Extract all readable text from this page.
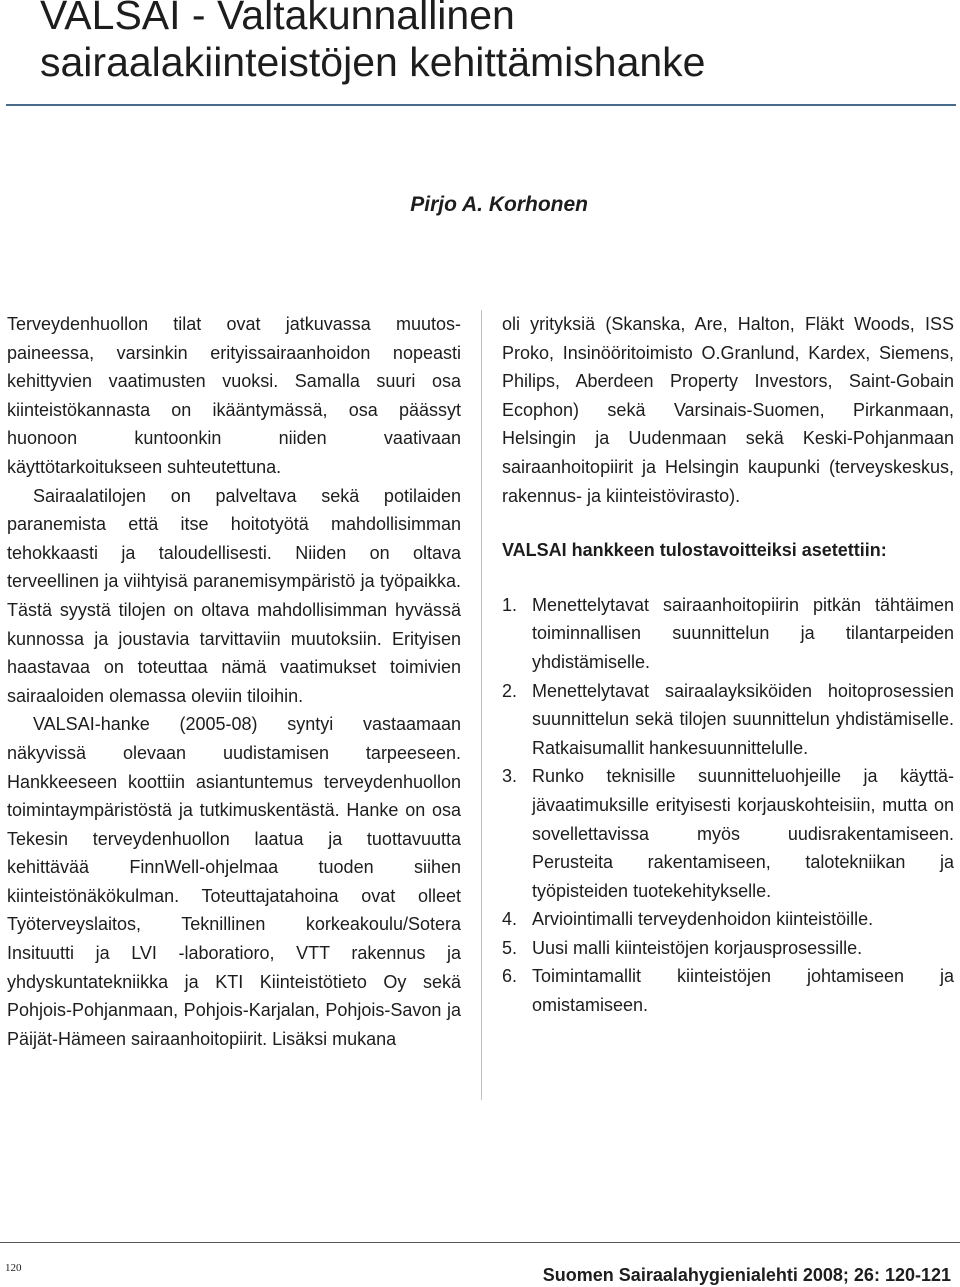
VALSAI - Valtakunnallinen
sairaalakiinteistöjen kehittämishanke
Pirjo A. Korhonen

Terveydenhuollon tilat ovat jatkuvassa muutospaineessa, varsinkin erityissairaanhoidon nopeasti kehittyvien vaatimusten vuoksi. Samalla suuri osa kiinteistökannasta on ikääntymässä, osa päässyt huonoon kuntoonkin niiden vaativaan käyttötarkoitukseen suhteutettuna.

Sairaalatilojen on palveltava sekä potilaiden paranemista että itse hoitotyötä mahdollisimman tehokkaasti ja taloudellisesti. Niiden on oltava terveellinen ja viihtyisä paranemisympäristö ja työpaikka. Tästä syystä tilojen on oltava mahdollisimman hyvässä kunnossa ja joustavia tarvittaviin muutoksiin. Erityisen haastavaa on toteuttaa nämä vaatimukset toimivien sairaaloiden olemassa oleviin tiloihin.

VALSAI-hanke (2005-08) syntyi vastaamaan näkyvissä olevaan uudistamisen tarpeeseen. Hankkeeseen koottiin asiantuntemus terveydenhuollon toimintaympäristöstä ja tutkimuskentästä. Hanke on osa Tekesin terveydenhuollon laatua ja tuottavuutta kehittävää FinnWell-ohjelmaa tuoden siihen kiinteistönäkökulman. Toteuttajatahoina ovat olleet Työterveyslaitos, Teknillinen korkeakoulu/Sotera Insituutti ja LVI -laboratioro, VTT rakennus ja yhdyskuntatekniikka ja KTI Kiinteistötieto Oy sekä Pohjois-Pohjanmaan, Pohjois-Karjalan, Pohjois-Savon ja Päijät-Hämeen sairaanhoitopiirit. Lisäksi mukana

oli yrityksiä (Skanska, Are, Halton, Fläkt Woods, ISS Proko, Insinööritoimisto O.Granlund, Kardex, Siemens, Philips, Aberdeen Property Investors, Saint-Gobain Ecophon) sekä Varsinais-Suomen, Pirkanmaan, Helsingin ja Uudenmaan sekä Keski-Pohjanmaan sairaanhoitopiirit ja Helsingin kaupunki (terveyskeskus, rakennus- ja kiinteistövirasto).

VALSAI hankkeen tulostavoitteiksi asetettiin:

1. Menettelytavat sairaanhoitopiirin pitkän tähtäimen toiminnallisen suunnittelun ja tilantarpeiden yhdistämiselle.
2. Menettelytavat sairaalayksiköiden hoitoprosessien suunnittelun sekä tilojen suunnittelun yhdistämiselle. Ratkaisumallit hankesuunnittelulle.
3. Runko teknisille suunnitteluohjeille ja käyttäjävaatimuksille erityisesti korjauskohteisiin, mutta on sovellettavissa myös uudisrakentamiseen. Perusteita rakentamiseen, talotekniikan ja työpisteiden tuotekehitykselle.
4. Arviointimalli terveydenhoidon kiinteistöille.
5. Uusi malli kiinteistöjen korjausprosessille.
6. Toimintamallit kiinteistöjen johtamiseen ja omistamiseen.
120	Suomen Sairaalahygienialehti 2008; 26: 120-121
